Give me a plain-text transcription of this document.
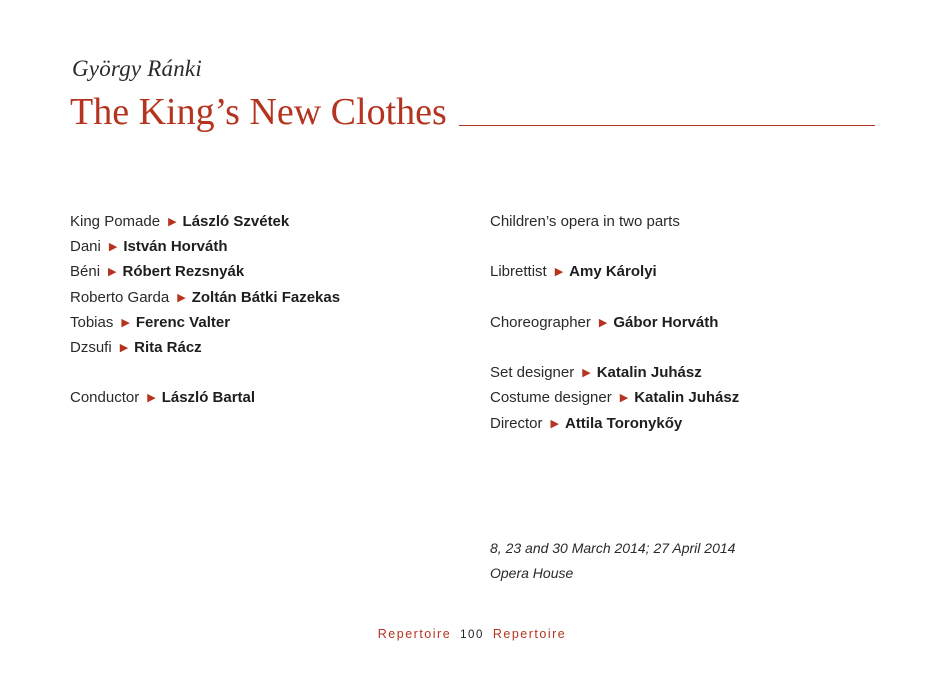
György Ránki
The King’s New Clothes
King Pomade ▶ László Szvétek
Dani ▶ István Horváth
Béni ▶ Róbert Rezsnyák
Roberto Garda ▶ Zoltán Bátki Fazekas
Tobias ▶ Ferenc Valter
Dzsufi ▶ Rita Rácz
Conductor ▶ László Bartal
Children’s opera in two parts
Librettist ▶ Amy Károlyi
Choreographer ▶ Gábor Horváth
Set designer ▶ Katalin Juhász
Costume designer ▶ Katalin Juhász
Director ▶ Attila Toronykőy
8, 23 and 30 March 2014; 27 April 2014
Opera House
Repertoire 100 Repertoire
